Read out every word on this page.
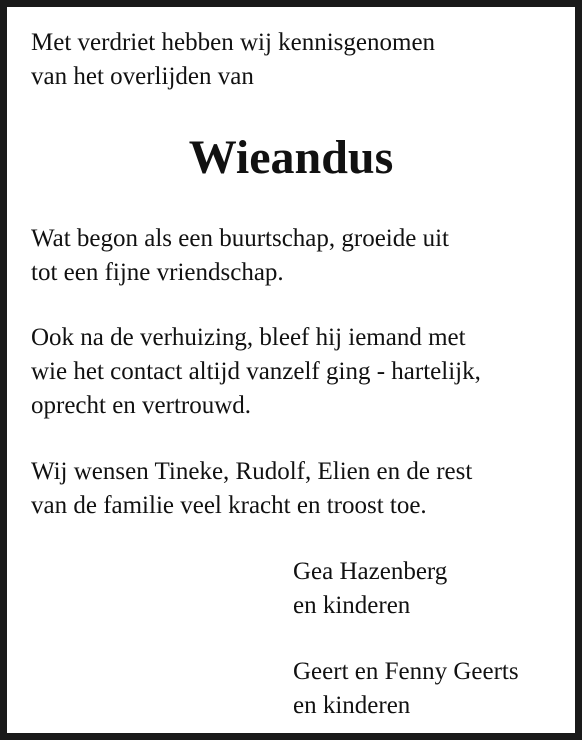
Met verdriet hebben wij kennisgenomen
van het overlijden van

Wieandus

Wat begon als een buurtschap, groeide uit
tot een fijne vriendschap.

Ook na de verhuizing, bleef hij iemand met
wie het contact altijd vanzelf ging - hartelijk,
oprecht en vertrouwd.

Wij wensen Tineke, Rudolf, Elien en de rest
van de familie veel kracht en troost toe.

Gea Hazenberg
en kinderen

Geert en Fenny Geerts
en kinderen
